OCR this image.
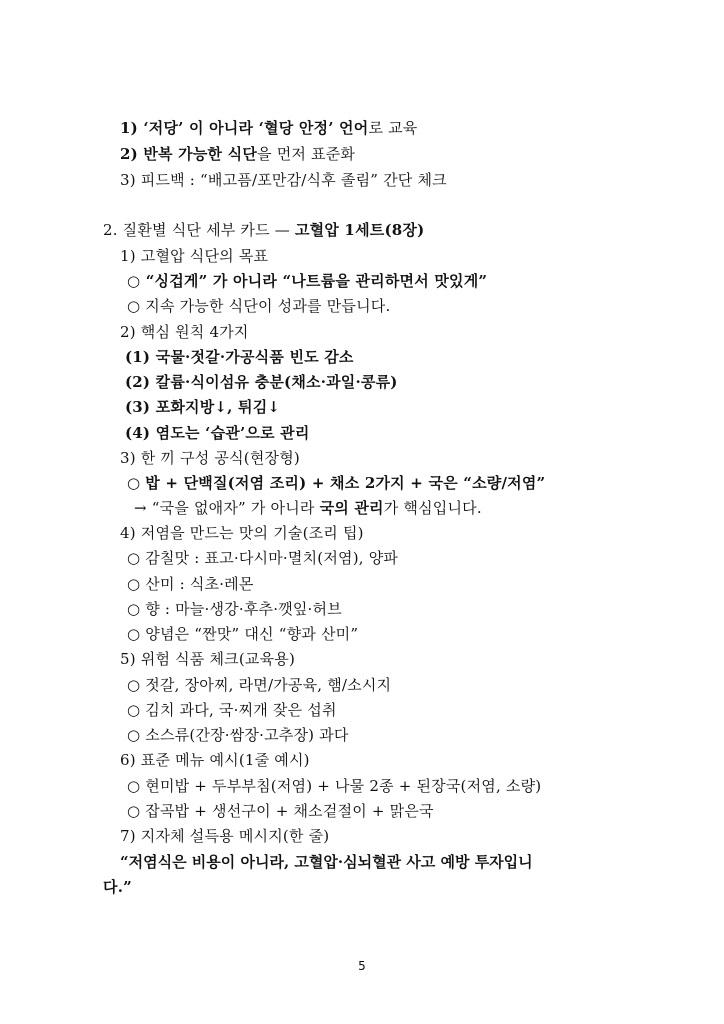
1) ‘저당’ 이 아니라 ‘혈당 안정’ 언어로 교육
2) 반복 가능한 식단을 먼저 표준화
3) 피드백 : “배고픔/포만감/식후 졸림” 간단 체크
2. 질환별 식단 세부 카드 — 고혈압 1세트(8장)
1) 고혈압 식단의 목표
○ “싱겁게” 가 아니라 “나트륨을 관리하면서 맛있게”
○ 지속 가능한 식단이 성과를 만듭니다.
2) 핵심 원칙 4가지
(1) 국물·젓갈·가공식품 빈도 감소
(2) 칼륨·식이섬유 충분(채소·과일·콩류)
(3) 포화지방↓, 튀김↓
(4) 염도는 ‘습관’으로 관리
3) 한 끼 구성 공식(현장형)
○ 밥 + 단백질(저염 조리) + 채소 2가지 + 국은 “소량/저염”
→ “국을 없애자” 가 아니라 국의 관리가 핵심입니다.
4) 저염을 만드는 맛의 기술(조리 팁)
○ 감칠맛 : 표고·다시마·멸치(저염), 양파
○ 산미 : 식초·레몬
○ 향 : 마늘·생강·후추·깻잎·허브
○ 양념은 “짠맛” 대신 “향과 산미”
5) 위험 식품 체크(교육용)
○ 젓갈, 장아찌, 라면/가공육, 햄/소시지
○ 김치 과다, 국·찌개 잦은 섭취
○ 소스류(간장·쌈장·고추장) 과다
6) 표준 메뉴 예시(1줄 예시)
○ 현미밥 + 두부부침(저염) + 나물 2종 + 된장국(저염, 소량)
○ 잡곡밥 + 생선구이 + 채소겉절이 + 맑은국
7) 지자체 설득용 메시지(한 줄)
“저염식은 비용이 아니라, 고혈압·심뇌혈관 사고 예방 투자입니
다.”
5
